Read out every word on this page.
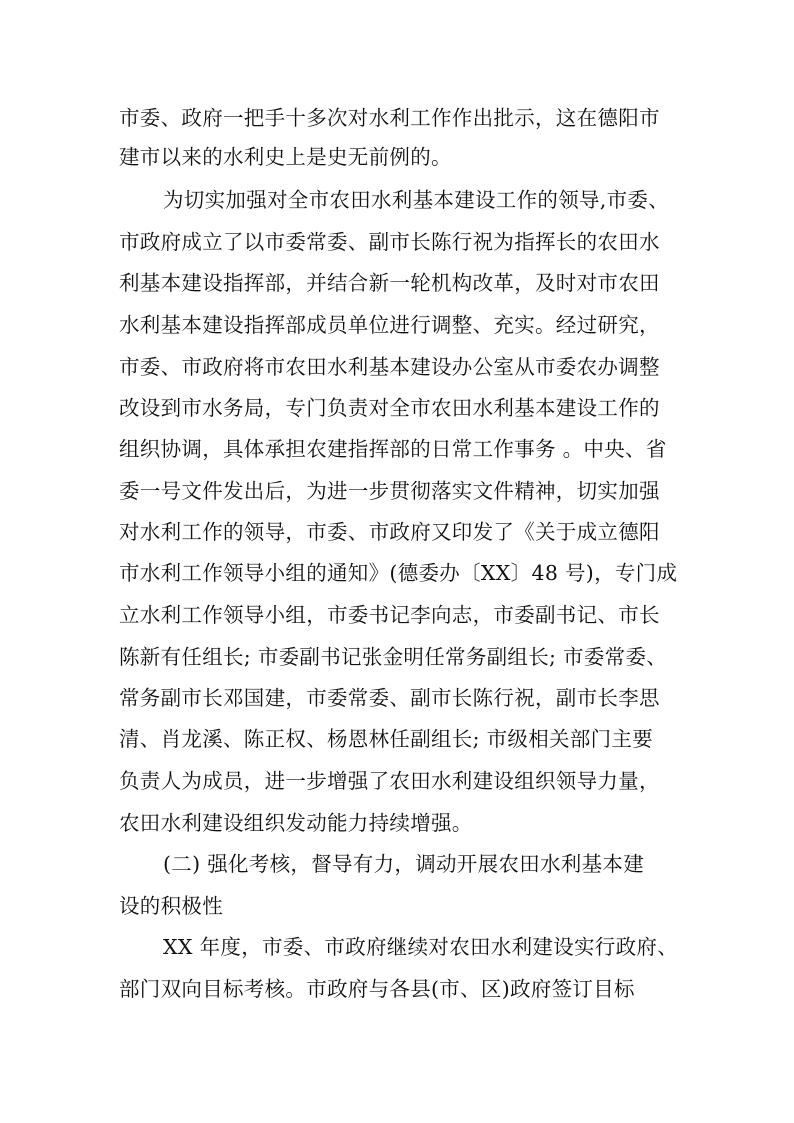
市委、政府一把手十多次对水利工作作出批示，这在德阳市
建市以来的水利史上是史无前例的。
为切实加强对全市农田水利基本建设工作的领导,市委、
市政府成立了以市委常委、副市长陈行祝为指挥长的农田水
利基本建设指挥部，并结合新一轮机构改革，及时对市农田
水利基本建设指挥部成员单位进行调整、充实。经过研究，
市委、市政府将市农田水利基本建设办公室从市委农办调整
改设到市水务局，专门负责对全市农田水利基本建设工作的
组织协调，具体承担农建指挥部的日常工作事务 。中央、省
委一号文件发出后，为进一步贯彻落实文件精神，切实加强
对水利工作的领导，市委、市政府又印发了《关于成立德阳
市水利工作领导小组的通知》(德委办〔XX〕48 号)，专门成
立水利工作领导小组，市委书记李向志，市委副书记、市长
陈新有任组长; 市委副书记张金明任常务副组长; 市委常委、
常务副市长邓国建，市委常委、副市长陈行祝，副市长李思
清、肖龙溪、陈正权、杨恩林任副组长; 市级相关部门主要
负责人为成员，进一步增强了农田水利建设组织领导力量，
农田水利建设组织发动能力持续增强。
(二) 强化考核，督导有力，调动开展农田水利基本建
设的积极性
XX 年度，市委、市政府继续对农田水利建设实行政府、
部门双向目标考核。市政府与各县(市、区)政府签订目标
